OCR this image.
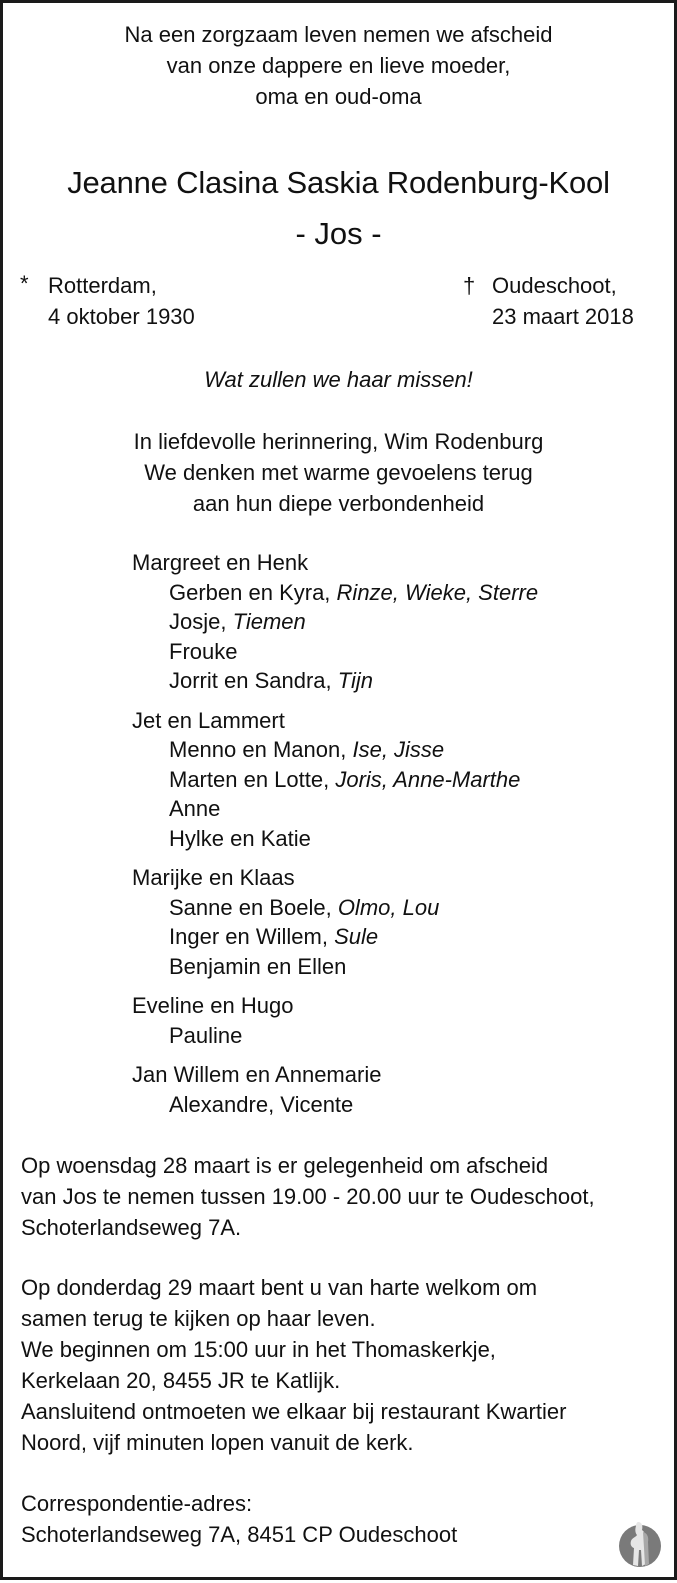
Na een zorgzaam leven nemen we afscheid
van onze dappere en lieve moeder,
oma en oud-oma
Jeanne Clasina Saskia Rodenburg-Kool
- Jos -
* Rotterdam,
4 oktober 1930
† Oudeschoot,
23 maart 2018
Wat zullen we haar missen!
In liefdevolle herinnering, Wim Rodenburg
We denken met warme gevoelens terug
aan hun diepe verbondenheid
Margreet en Henk
Gerben en Kyra, Rinze, Wieke, Sterre
Josje, Tiemen
Frouke
Jorrit en Sandra, Tijn
Jet en Lammert
Menno en Manon, Ise, Jisse
Marten en Lotte, Joris, Anne-Marthe
Anne
Hylke en Katie
Marijke en Klaas
Sanne en Boele, Olmo, Lou
Inger en Willem, Sule
Benjamin en Ellen
Eveline en Hugo
Pauline
Jan Willem en Annemarie
Alexandre, Vicente
Op woensdag 28 maart is er gelegenheid om afscheid
van Jos te nemen tussen 19.00 - 20.00 uur te Oudeschoot,
Schoterlandseweg 7A.
Op donderdag 29 maart bent u van harte welkom om
samen terug te kijken op haar leven.
We beginnen om 15:00 uur in het Thomaskerkje,
Kerkelaan 20, 8455 JR te Katlijk.
Aansluitend ontmoeten we elkaar bij restaurant Kwartier
Noord, vijf minuten lopen vanuit de kerk.
Correspondentie-adres:
Schoterlandseweg 7A, 8451 CP Oudeschoot
